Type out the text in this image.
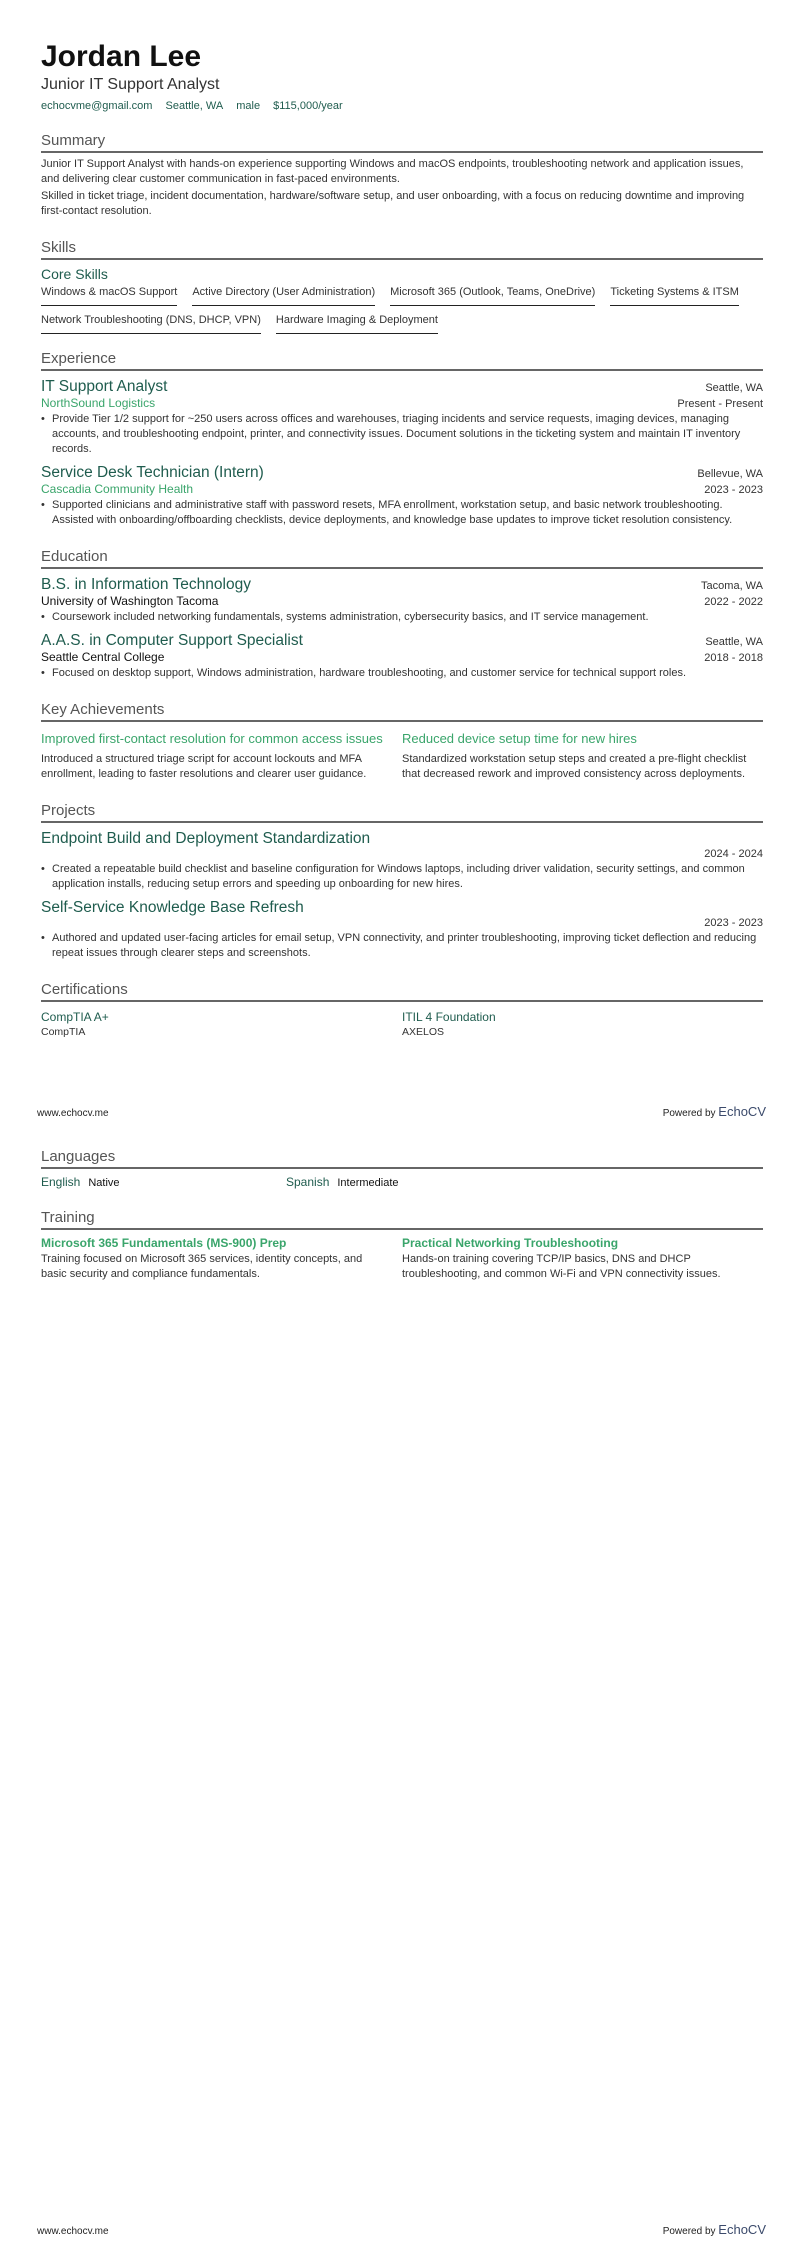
Jordan Lee
Junior IT Support Analyst
echocvme@gmail.com Seattle, WA male $115,000/year
Summary

Junior IT Support Analyst with hands-on experience supporting Windows and macOS endpoints, troubleshooting network and application issues, and delivering clear customer communication in fast-paced environments.

Skilled in ticket triage, incident documentation, hardware/software setup, and user onboarding, with a focus on reducing downtime and improving first-contact resolution.

Skills
Core Skills
Windows & macOS Support Active Directory (User Administration) Microsoft 365 (Outlook, Teams, OneDrive) Ticketing Systems & ITSM
Network Troubleshooting (DNS, DHCP, VPN) Hardware Imaging & Deployment
Experience
IT Support Analyst	Seattle, WA
NorthSound Logistics	Present - Present
• Provide Tier 1/2 support for ~250 users across offices and warehouses, triaging incidents and service requests, imaging devices, managing accounts, and troubleshooting endpoint, printer, and connectivity issues. Document solutions in the ticketing system and maintain IT inventory records.
Service Desk Technician (Intern)	Bellevue, WA
Cascadia Community Health	2023 - 2023
• Supported clinicians and administrative staff with password resets, MFA enrollment, workstation setup, and basic network troubleshooting. Assisted with onboarding/offboarding checklists, device deployments, and knowledge base updates to improve ticket resolution consistency.
Education
B.S. in Information Technology	Tacoma, WA
University of Washington Tacoma	2022 - 2022
• Coursework included networking fundamentals, systems administration, cybersecurity basics, and IT service management.
A.A.S. in Computer Support Specialist	Seattle, WA
Seattle Central College	2018 - 2018
• Focused on desktop support, Windows administration, hardware troubleshooting, and customer service for technical support roles.
Key Achievements
Improved first-contact resolution for common access issues
Introduced a structured triage script for account lockouts and MFA enrollment, leading to faster resolutions and clearer user guidance.
Reduced device setup time for new hires
Standardized workstation setup steps and created a pre-flight checklist that decreased rework and improved consistency across deployments.
Projects
Endpoint Build and Deployment Standardization
2024 - 2024
• Created a repeatable build checklist and baseline configuration for Windows laptops, including driver validation, security settings, and common application installs, reducing setup errors and speeding up onboarding for new hires.
Self-Service Knowledge Base Refresh
2023 - 2023
• Authored and updated user-facing articles for email setup, VPN connectivity, and printer troubleshooting, improving ticket deflection and reducing repeat issues through clearer steps and screenshots.
Certifications
CompTIA A+
CompTIA
ITIL 4 Foundation
AXELOS
www.echocv.me	Powered by EchoCV
Languages
English Native	Spanish Intermediate
Training
Microsoft 365 Fundamentals (MS-900) Prep
Training focused on Microsoft 365 services, identity concepts, and basic security and compliance fundamentals.
Practical Networking Troubleshooting
Hands-on training covering TCP/IP basics, DNS and DHCP troubleshooting, and common Wi-Fi and VPN connectivity issues.
www.echocv.me	Powered by EchoCV
